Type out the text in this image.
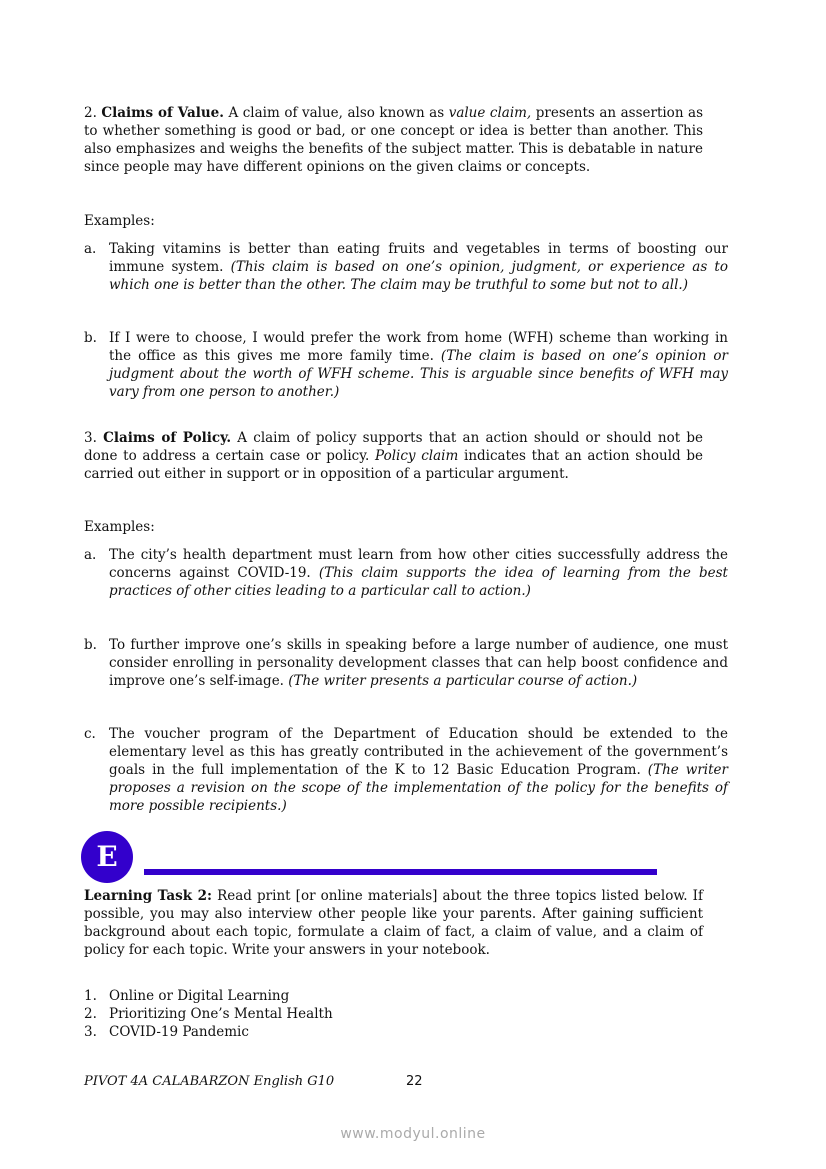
2. Claims of Value. A claim of value, also known as value claim, presents an assertion as to whether something is good or bad, or one concept or idea is better than another. This also emphasizes and weighs the benefits of the subject matter. This is debatable in nature since people may have different opinions on the given claims or concepts.
Examples:
a. Taking vitamins is better than eating fruits and vegetables in terms of boosting our immune system. (This claim is based on one’s opinion, judgment, or experience as to which one is better than the other. The claim may be truthful to some but not to all.)
b. If I were to choose, I would prefer the work from home (WFH) scheme than working in the office as this gives me more family time. (The claim is based on one’s opinion or judgment about the worth of WFH scheme. This is arguable since benefits of WFH may vary from one person to another.)
3. Claims of Policy. A claim of policy supports that an action should or should not be done to address a certain case or policy. Policy claim indicates that an action should be carried out either in support or in opposition of a particular argument.
Examples:
a. The city’s health department must learn from how other cities successfully address the concerns against COVID-19. (This claim supports the idea of learning from the best practices of other cities leading to a particular call to action.)
b. To further improve one’s skills in speaking before a large number of audience, one must consider enrolling in personality development classes that can help boost confidence and improve one’s self-image. (The writer presents a particular course of action.)
c. The voucher program of the Department of Education should be extended to the elementary level as this has greatly contributed in the achievement of the government’s goals in the full implementation of the K to 12 Basic Education Program. (The writer proposes a revision on the scope of the implementation of the policy for the benefits of more possible recipients.)
E
Learning Task 2: Read print [or online materials] about the three topics listed below. If possible, you may also interview other people like your parents. After gaining sufficient background about each topic, formulate a claim of fact, a claim of value, and a claim of policy for each topic. Write your answers in your notebook.
1. Online or Digital Learning
2. Prioritizing One’s Mental Health
3. COVID-19 Pandemic
PIVOT 4A CALABARZON English G10	22
www.modyul.online
